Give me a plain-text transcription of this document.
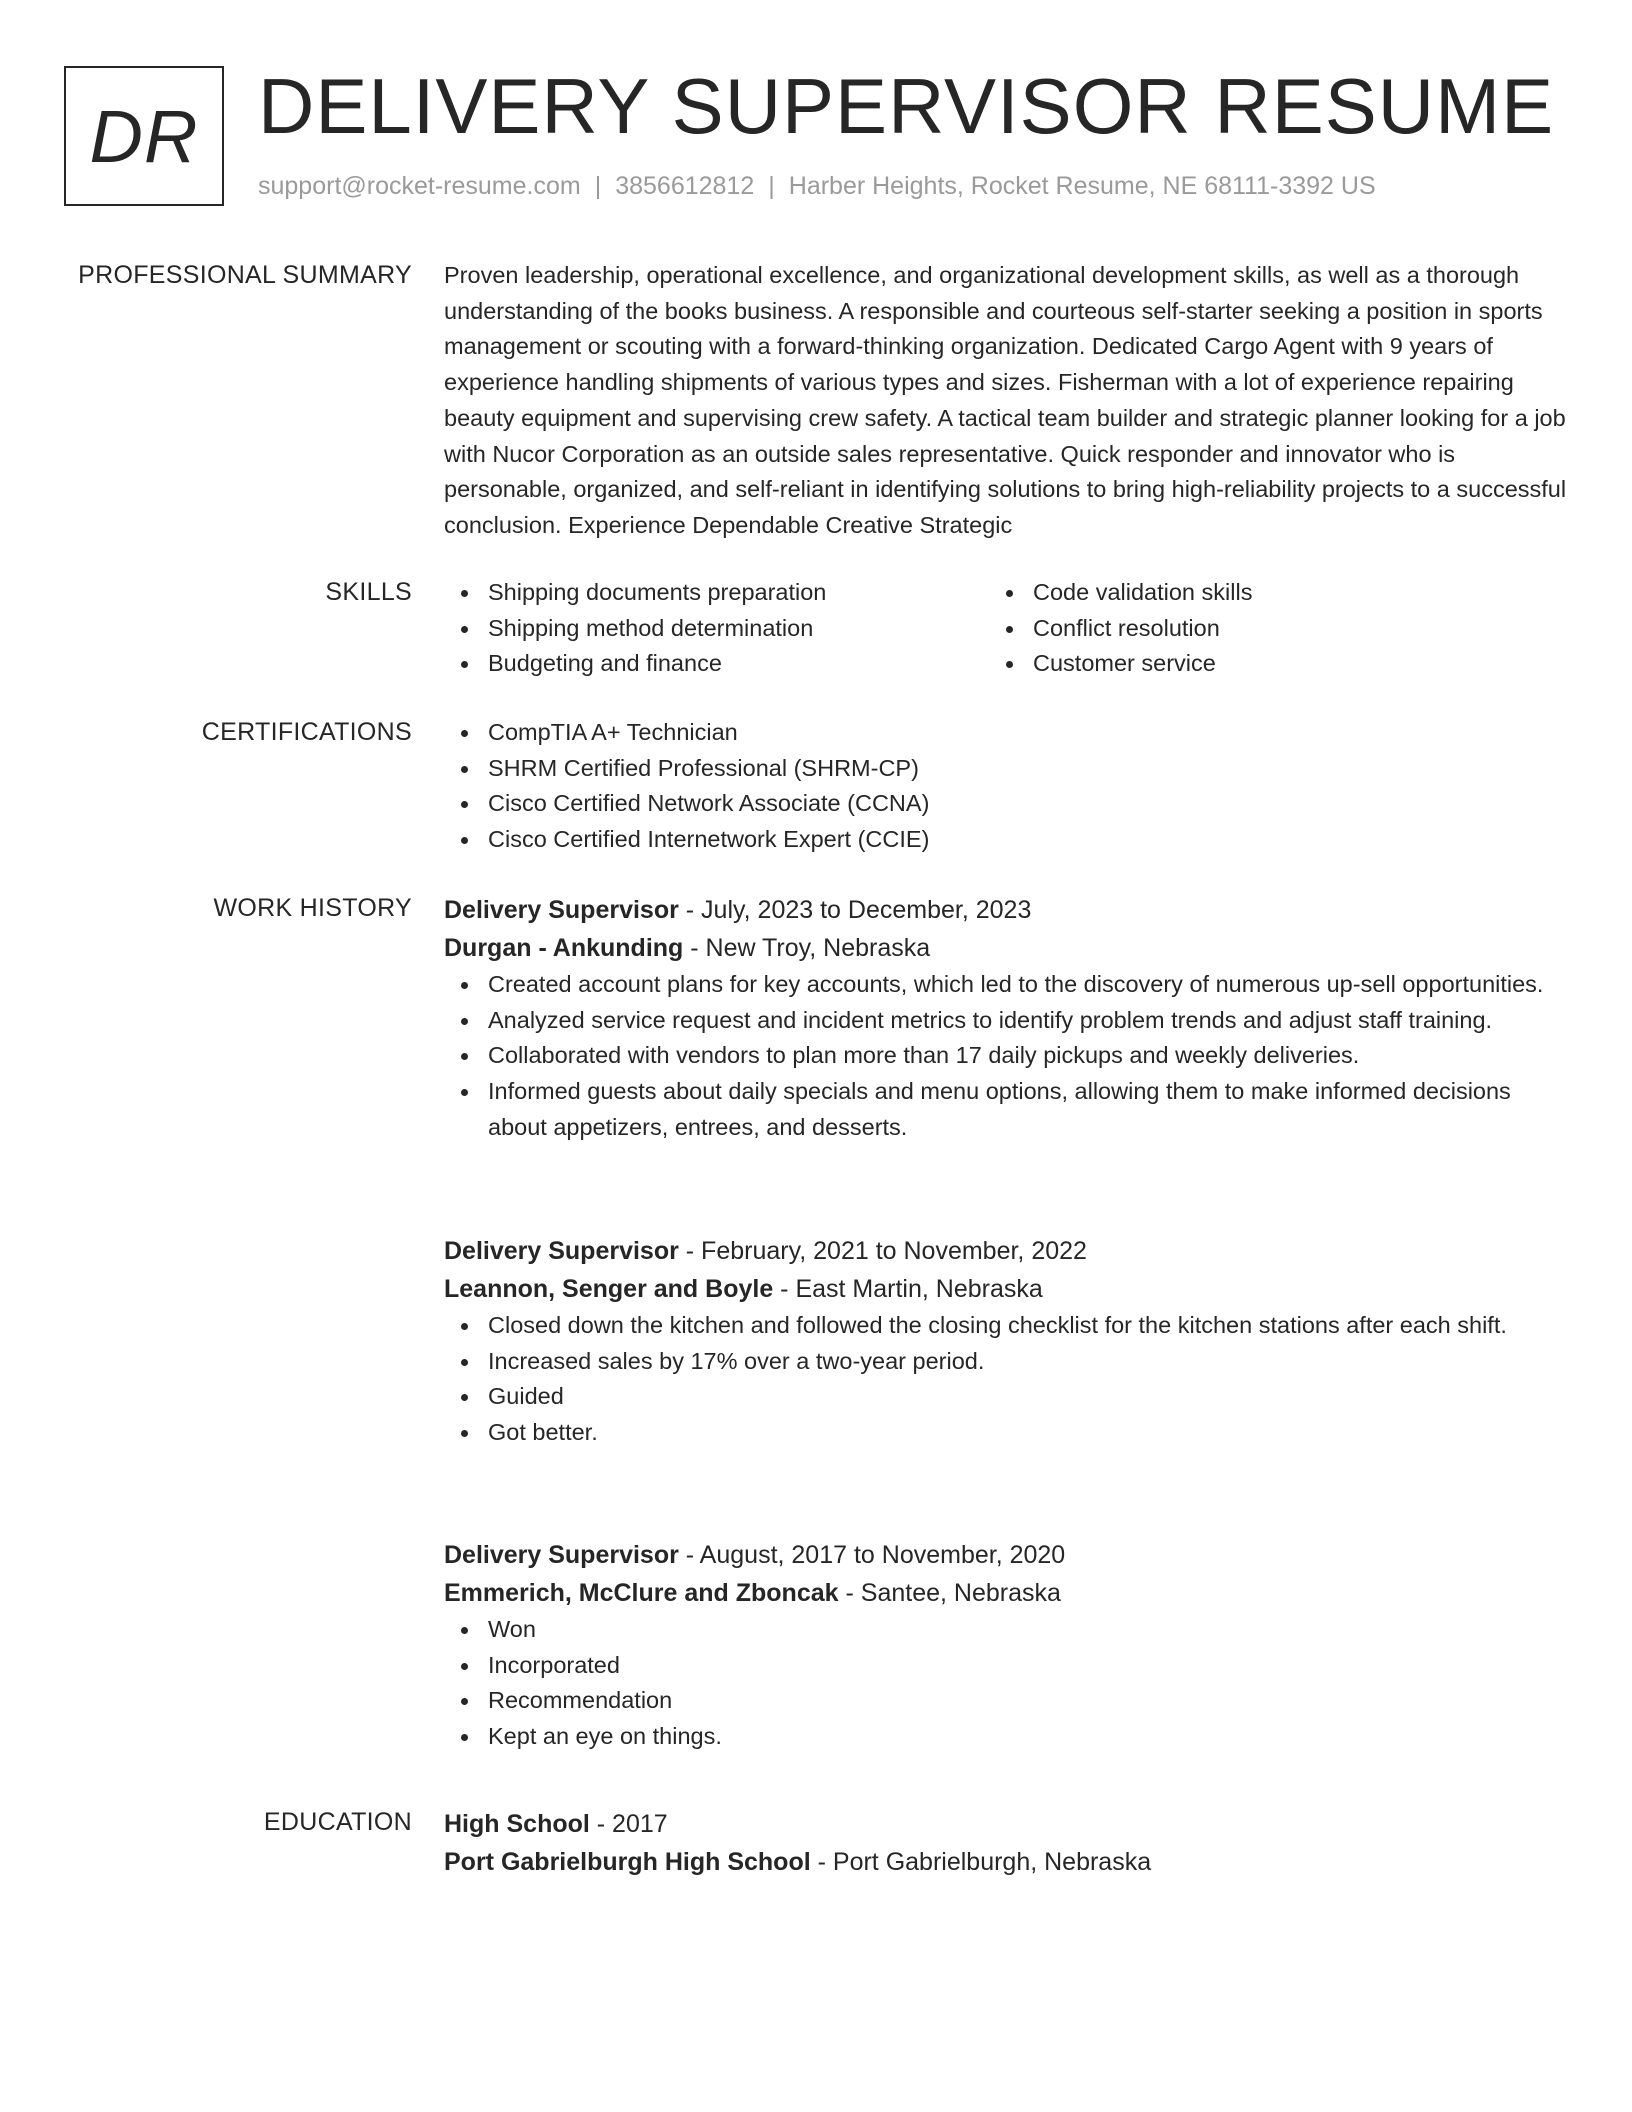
DR DELIVERY SUPERVISOR RESUME
support@rocket-resume.com | 3856612812 | Harber Heights, Rocket Resume, NE 68111-3392 US
PROFESSIONAL SUMMARY Proven leadership, operational excellence, and organizational development skills, as well as a thorough understanding of the books business. A responsible and courteous self-starter seeking a position in sports management or scouting with a forward-thinking organization. Dedicated Cargo Agent with 9 years of experience handling shipments of various types and sizes. Fisherman with a lot of experience repairing beauty equipment and supervising crew safety. A tactical team builder and strategic planner looking for a job with Nucor Corporation as an outside sales representative. Quick responder and innovator who is personable, organized, and self-reliant in identifying solutions to bring high-reliability projects to a successful conclusion. Experience Dependable Creative Strategic

SKILLS	Shipping documents preparation
Shipping method determination
Budgeting and finance
Code validation skills
Conflict resolution
Customer service
CERTIFICATIONS	CompTIA A+ Technician
SHRM Certified Professional (SHRM-CP)
Cisco Certified Network Associate (CCNA)
Cisco Certified Internetwork Expert (CCIE)
WORK HISTORY Delivery Supervisor - July, 2023 to December, 2023

Durgan - Ankunding - New Troy, Nebraska

Created account plans for key accounts, which led to the discovery of numerous up-sell opportunities.
Analyzed service request and incident metrics to identify problem trends and adjust staff training.
Collaborated with vendors to plan more than 17 daily pickups and weekly deliveries.
Informed guests about daily specials and menu options, allowing them to make informed decisions about appetizers, entrees, and desserts.

Delivery Supervisor - February, 2021 to November, 2022

Leannon, Senger and Boyle - East Martin, Nebraska

Closed down the kitchen and followed the closing checklist for the kitchen stations after each shift.
Increased sales by 17% over a two-year period.
Guided
Got better.

Delivery Supervisor - August, 2017 to November, 2020

Emmerich, McClure and Zboncak - Santee, Nebraska

Won
Incorporated
Recommendation
Kept an eye on things.
EDUCATION High School - 2017

Port Gabrielburgh High School - Port Gabrielburgh, Nebraska
